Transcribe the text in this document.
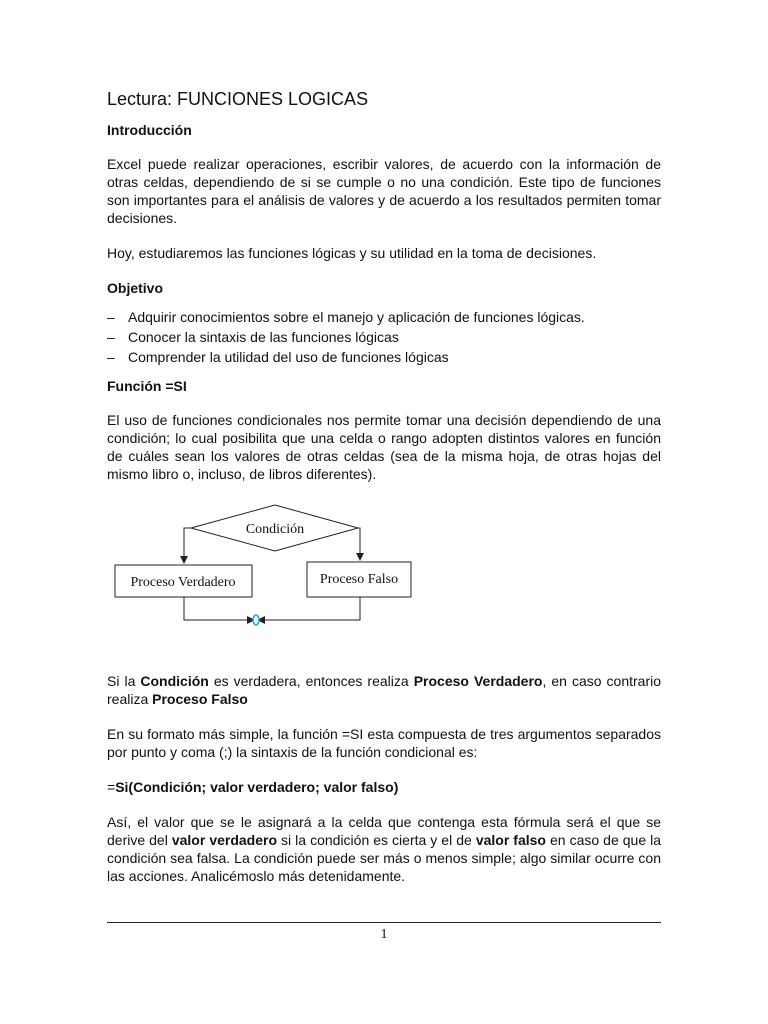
Lectura: FUNCIONES LOGICAS
Introducción

Excel puede realizar operaciones, escribir valores, de acuerdo con la información de otras celdas, dependiendo de si se cumple o no una condición. Este tipo de funciones son importantes para el análisis de valores y de acuerdo a los resultados permiten tomar decisiones.

Hoy, estudiaremos las funciones lógicas y su utilidad en la toma de decisiones.

Objetivo
– Adquirir conocimientos sobre el manejo y aplicación de funciones lógicas.
– Conocer la sintaxis de las funciones lógicas
– Comprender la utilidad del uso de funciones lógicas
Función =SI

El uso de funciones condicionales nos permite tomar una decisión dependiendo de una condición; lo cual posibilita que una celda o rango adopten distintos valores en función de cuáles sean los valores de otras celdas (sea de la misma hoja, de otras hojas del mismo libro o, incluso, de libros diferentes).

Condición
Proceso Verdadero	Proceso Falso

Si la Condición es verdadera, entonces realiza Proceso Verdadero, en caso contrario realiza Proceso Falso

En su formato más simple, la función =SI esta compuesta de tres argumentos separados por punto y coma (;) la sintaxis de la función condicional es:

=Si(Condición; valor verdadero; valor falso)

Así, el valor que se le asignará a la celda que contenga esta fórmula será el que se derive del valor verdadero si la condición es cierta y el de valor falso en caso de que la condición sea falsa. La condición puede ser más o menos simple; algo similar ocurre con las acciones. Analicémoslo más detenidamente.

1
